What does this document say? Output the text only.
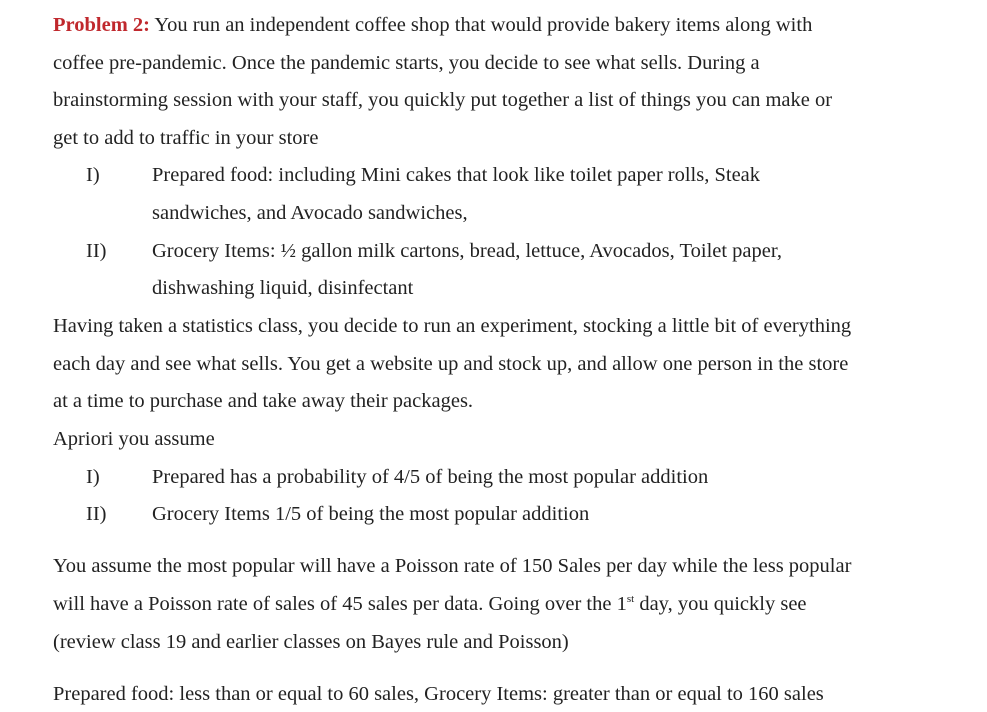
Problem 2: You run an independent coffee shop that would provide bakery items along with
coffee pre-pandemic. Once the pandemic starts, you decide to see what sells. During a
brainstorming session with your staff, you quickly put together a list of things you can make or
get to add to traffic in your store
I)	Prepared food: including Mini cakes that look like toilet paper rolls, Steak
sandwiches, and Avocado sandwiches,
II) Grocery Items: ½ gallon milk cartons, bread, lettuce, Avocados, Toilet paper,
dishwashing liquid, disinfectant
Having taken a statistics class, you decide to run an experiment, stocking a little bit of everything
each day and see what sells. You get a website up and stock up, and allow one person in the store
at a time to purchase and take away their packages.
Apriori you assume
I)	Prepared has a probability of 4/5 of being the most popular addition
II) Grocery Items 1/5 of being the most popular addition
You assume the most popular will have a Poisson rate of 150 Sales per day while the less popular
will have a Poisson rate of sales of 45 sales per data. Going over the 1st day, you quickly see
(review class 19 and earlier classes on Bayes rule and Poisson)
Prepared food: less than or equal to 60 sales, Grocery Items: greater than or equal to 160 sales
